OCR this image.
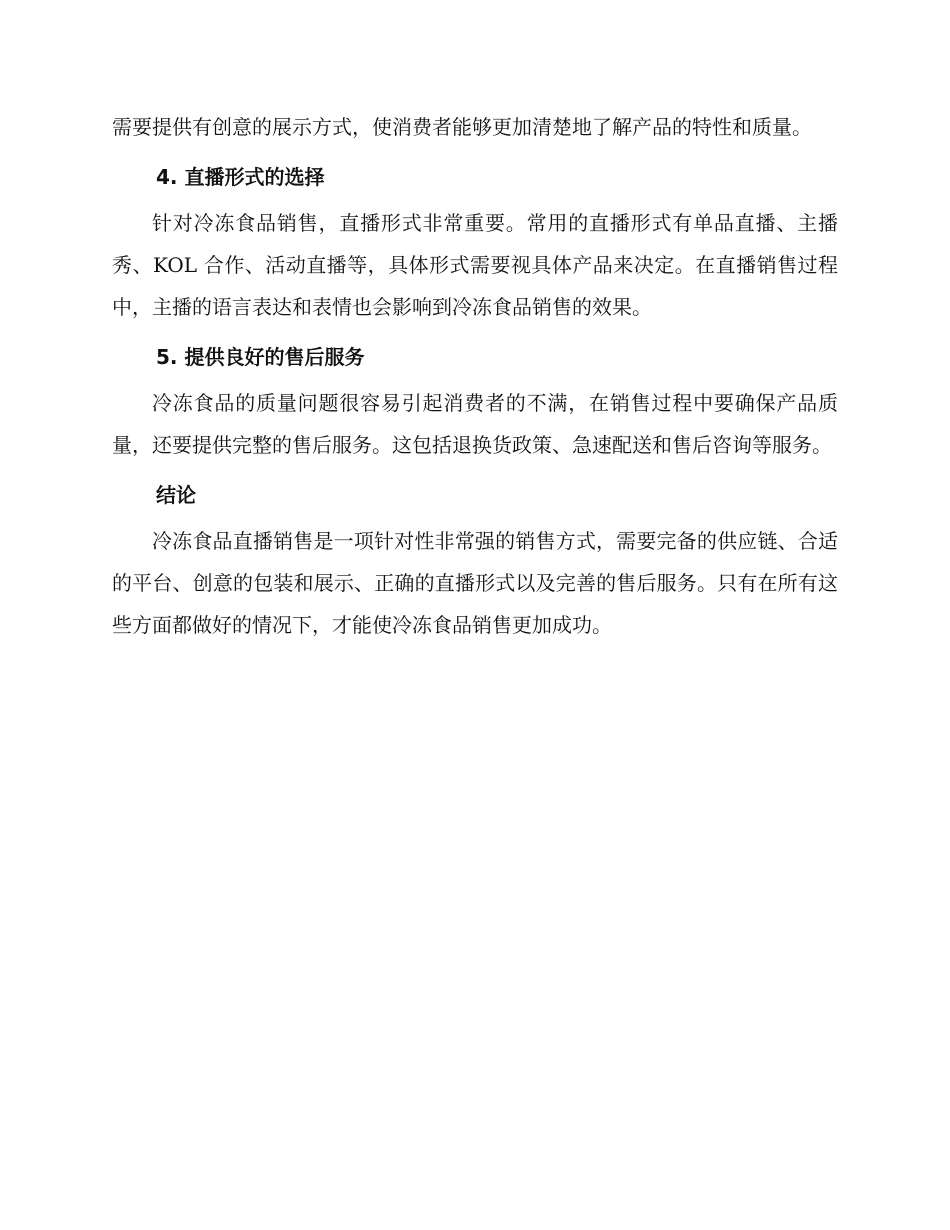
需要提供有创意的展示方式，使消费者能够更加清楚地了解产品的特性和质量。

4. 直播形式的选择

针对冷冻食品销售，直播形式非常重要。常用的直播形式有单品直播、主播秀、KOL 合作、活动直播等，具体形式需要视具体产品来决定。在直播销售过程中，主播的语言表达和表情也会影响到冷冻食品销售的效果。

5. 提供良好的售后服务

冷冻食品的质量问题很容易引起消费者的不满，在销售过程中要确保产品质量，还要提供完整的售后服务。这包括退换货政策、急速配送和售后咨询等服务。

结论

冷冻食品直播销售是一项针对性非常强的销售方式，需要完备的供应链、合适的平台、创意的包装和展示、正确的直播形式以及完善的售后服务。只有在所有这些方面都做好的情况下，才能使冷冻食品销售更加成功。
